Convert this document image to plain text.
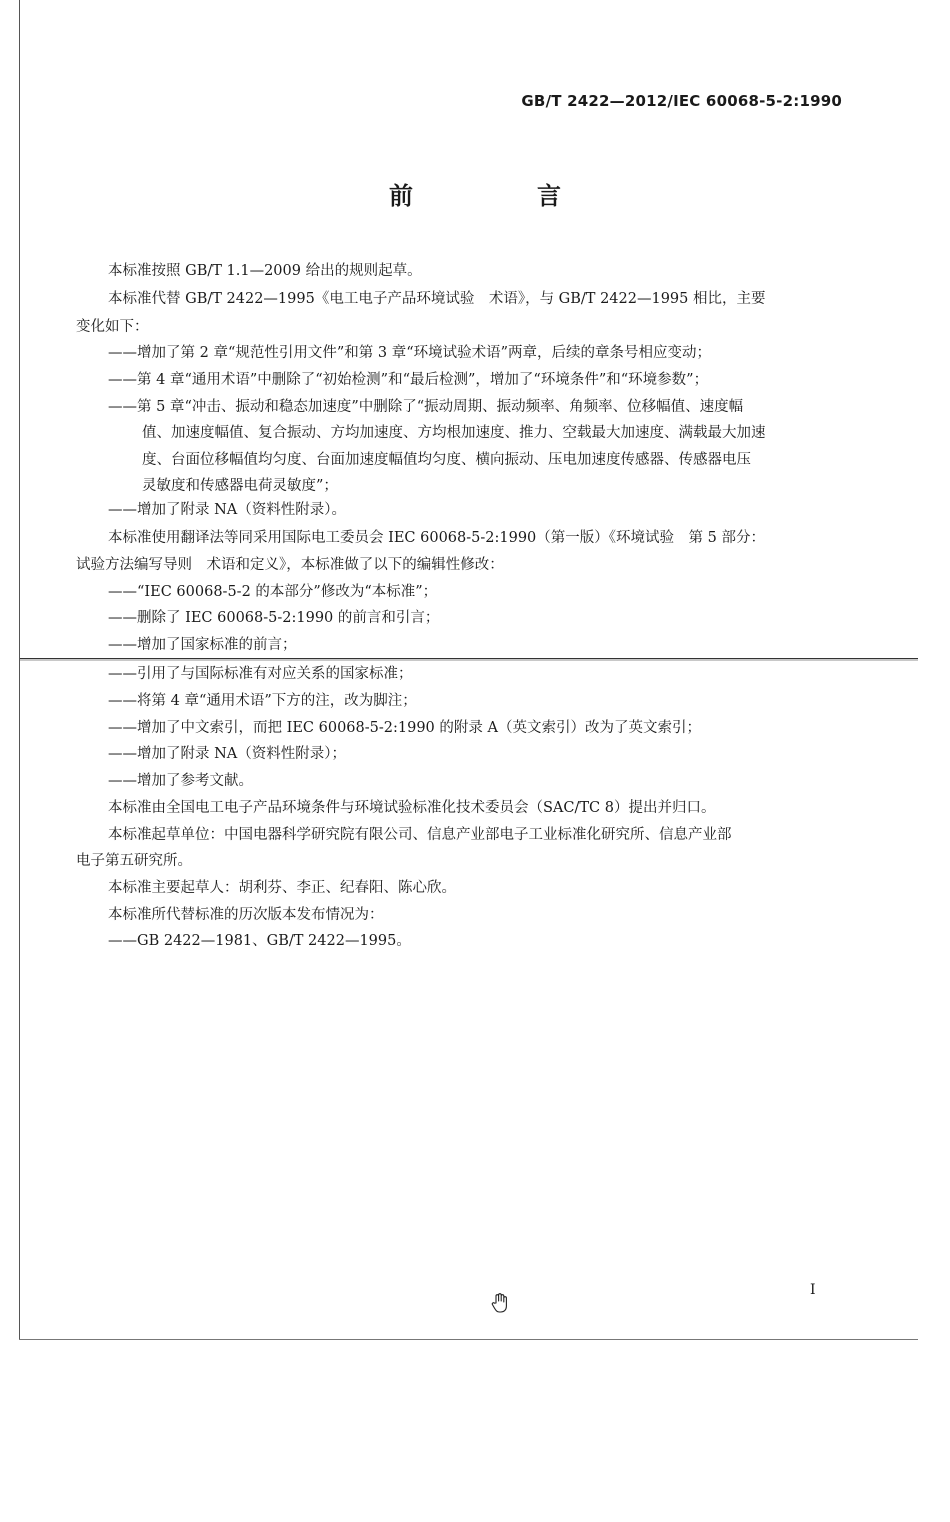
GB/T 2422—2012/IEC 60068-5-2:1990
前　言
本标准按照 GB/T 1.1—2009 给出的规则起草。
本标准代替 GB/T 2422—1995《电工电子产品环境试验　术语》，与 GB/T 2422—1995 相比，主要
变化如下：
——增加了第 2 章“规范性引用文件”和第 3 章“环境试验术语”两章，后续的章条号相应变动；
——第 4 章“通用术语”中删除了“初始检测”和“最后检测”，增加了“环境条件”和“环境参数”；
——第 5 章“冲击、振动和稳态加速度”中删除了“振动周期、振动频率、角频率、位移幅值、速度幅
值、加速度幅值、复合振动、方均加速度、方均根加速度、推力、空载最大加速度、满载最大加速
度、台面位移幅值均匀度、台面加速度幅值均匀度、横向振动、压电加速度传感器、传感器电压
灵敏度和传感器电荷灵敏度”；
——增加了附录 NA（资料性附录）。
本标准使用翻译法等同采用国际电工委员会 IEC 60068-5-2:1990（第一版）《环境试验　第 5 部分：
试验方法编写导则　术语和定义》，本标准做了以下的编辑性修改：
——“IEC 60068-5-2 的本部分”修改为“本标准”；
——删除了 IEC 60068-5-2:1990 的前言和引言；
——增加了国家标准的前言；
——引用了与国际标准有对应关系的国家标准；
——将第 4 章“通用术语”下方的注，改为脚注；
——增加了中文索引，而把 IEC 60068-5-2:1990 的附录 A（英文索引）改为了英文索引；
——增加了附录 NA（资料性附录）；
——增加了参考文献。
本标准由全国电工电子产品环境条件与环境试验标准化技术委员会（SAC/TC 8）提出并归口。
本标准起草单位：中国电器科学研究院有限公司、信息产业部电子工业标准化研究所、信息产业部
电子第五研究所。
本标准主要起草人：胡利芬、李正、纪春阳、陈心欣。
本标准所代替标准的历次版本发布情况为：
——GB 2422—1981、GB/T 2422—1995。
I
